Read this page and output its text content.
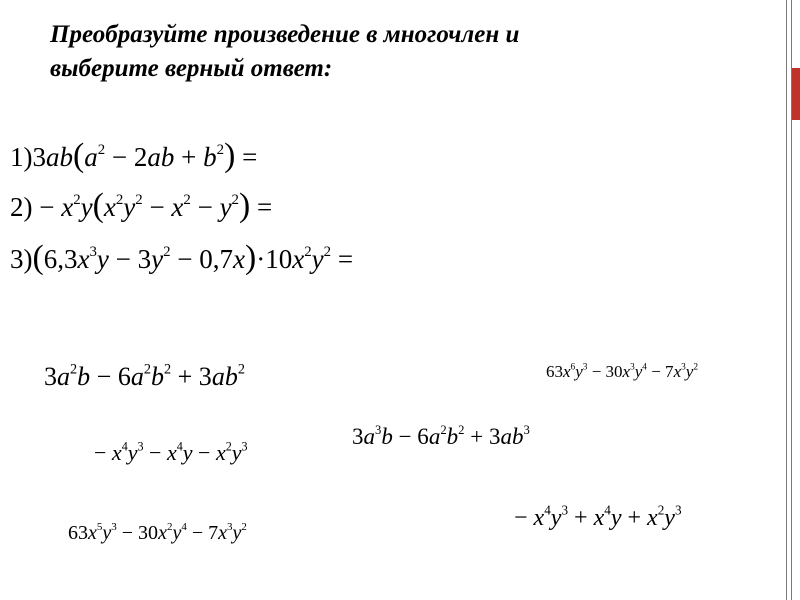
Преобразуйте произведение в многочлен и
выберите верный ответ:
$1)3ab(a^2 - 2ab + b^2)$ =
$2) - x^2y(x^2y^2 - x^2 - y^2)$ =
$3)(6,3x^3y - 3y^2 - 0,7x)\cdot 10x^2y^2$ =
$3a^2b - 6a^2b^2 + 3ab^2$	$63x^6y^3 - 30x^3y^4 - 7x^3y^2$
− $x^4y^3 - x^4y - x^2y^3$	$3a^3b - 6a^2b^2 + 3ab^3$
$63x^5y^3 - 30x^2y^4 - 7x^3y^2$	− $x^4y^3 + x^4y + x^2y^3$
